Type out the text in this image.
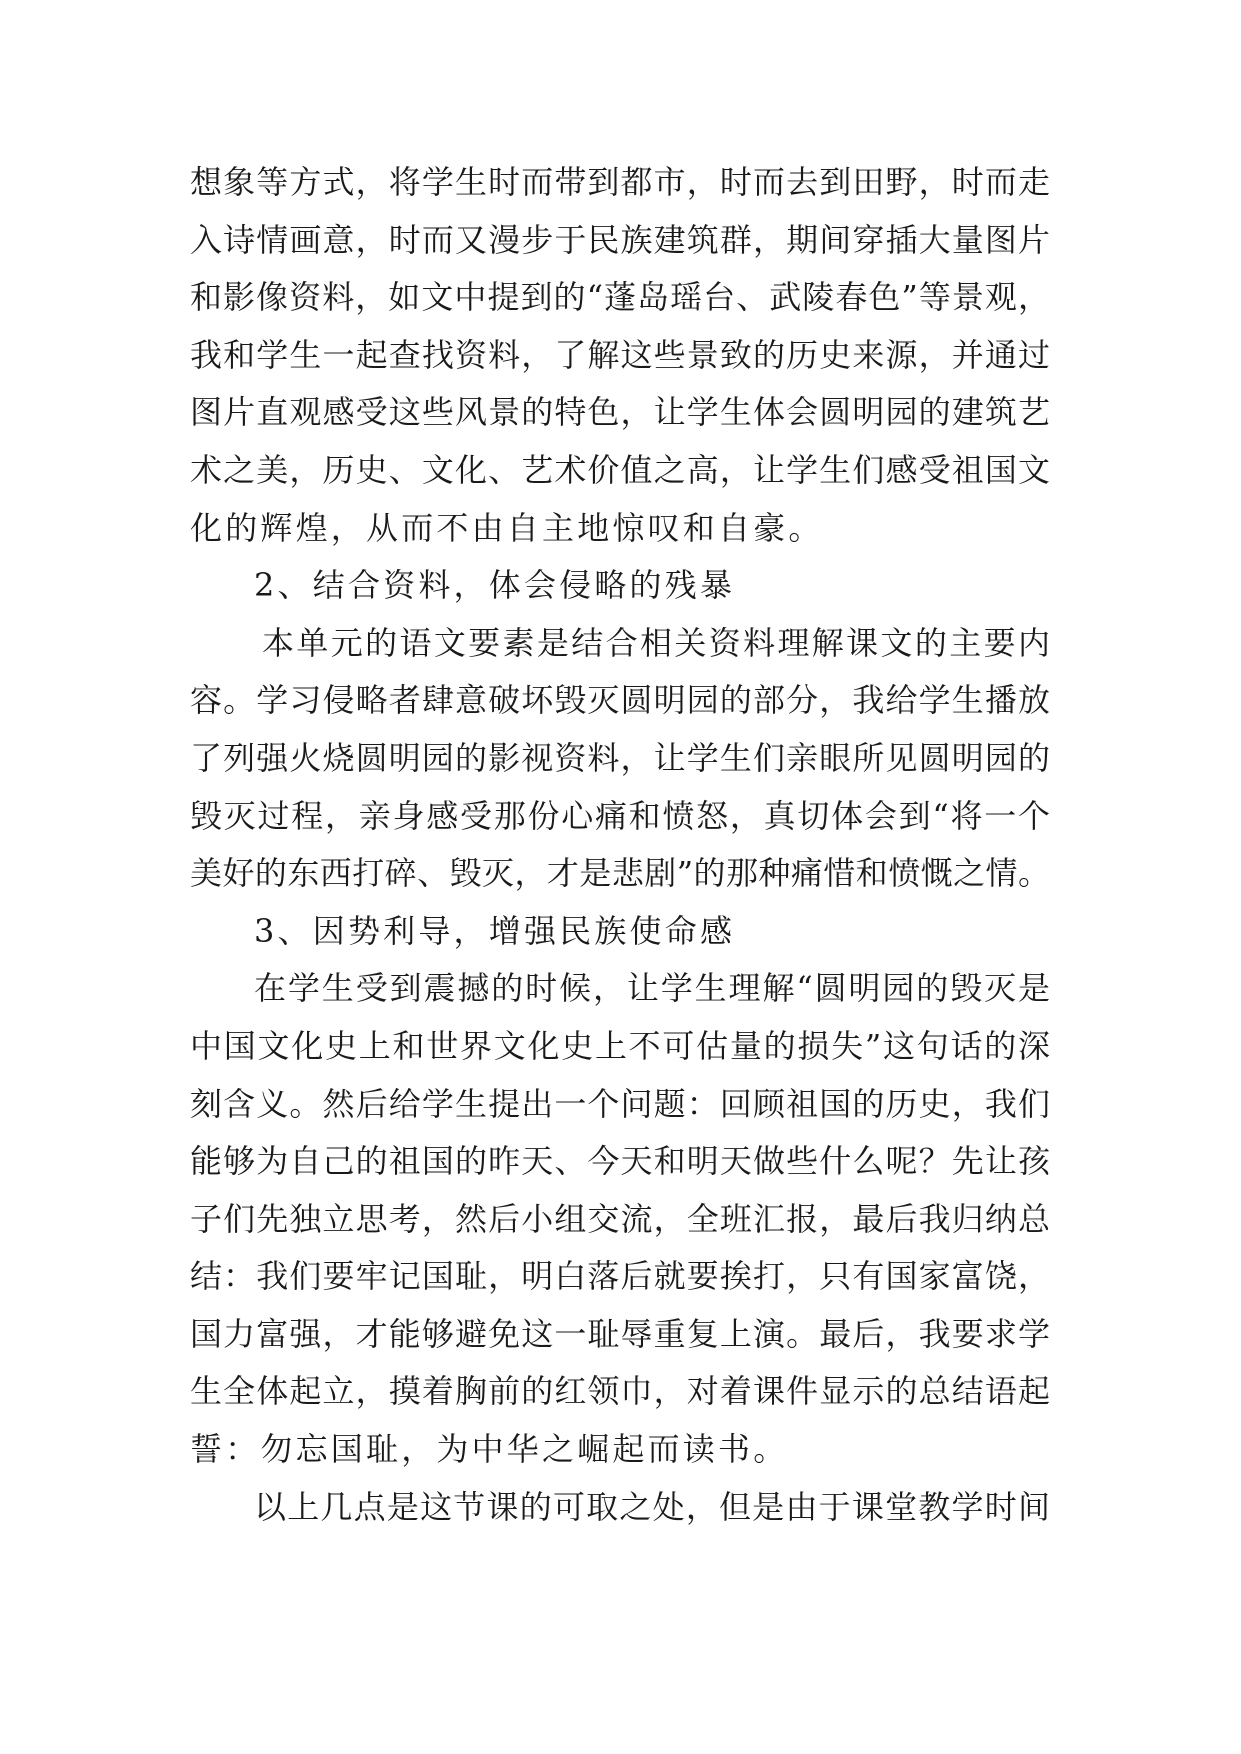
想象等方式，将学生时而带到都市，时而去到田野，时而走
入诗情画意，时而又漫步于民族建筑群，期间穿插大量图片
和影像资料，如文中提到的“蓬岛瑶台、武陵春色”等景观，
我和学生一起查找资料，了解这些景致的历史来源，并通过
图片直观感受这些风景的特色，让学生体会圆明园的建筑艺
术之美，历史、文化、艺术价值之高，让学生们感受祖国文
化的辉煌，从而不由自主地惊叹和自豪。
2、结合资料，体会侵略的残暴
本单元的语文要素是结合相关资料理解课文的主要内
容。学习侵略者肆意破坏毁灭圆明园的部分，我给学生播放
了列强火烧圆明园的影视资料，让学生们亲眼所见圆明园的
毁灭过程，亲身感受那份心痛和愤怒，真切体会到“将一个
美好的东西打碎、毁灭，才是悲剧”的那种痛惜和愤慨之情。
3、因势利导，增强民族使命感
在学生受到震撼的时候，让学生理解“圆明园的毁灭是
中国文化史上和世界文化史上不可估量的损失”这句话的深
刻含义。然后给学生提出一个问题：回顾祖国的历史，我们
能够为自己的祖国的昨天、今天和明天做些什么呢？先让孩
子们先独立思考，然后小组交流，全班汇报，最后我归纳总
结：我们要牢记国耻，明白落后就要挨打，只有国家富饶，
国力富强，才能够避免这一耻辱重复上演。最后，我要求学
生全体起立，摸着胸前的红领巾，对着课件显示的总结语起
誓：勿忘国耻，为中华之崛起而读书。
以上几点是这节课的可取之处，但是由于课堂教学时间
